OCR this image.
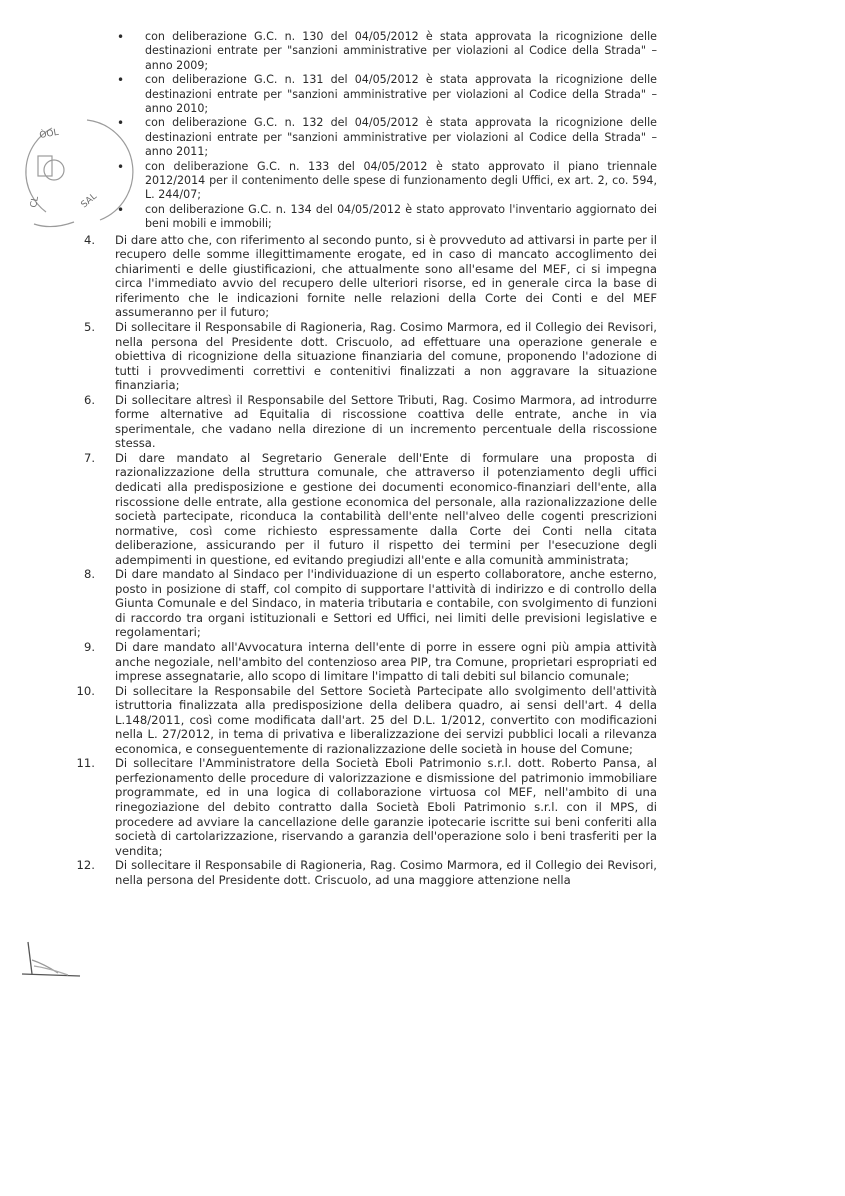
ÒOL
SAL
CL
• con deliberazione G.C. n. 130 del 04/05/2012 è stata approvata la ricognizione delle destinazioni entrate per "sanzioni amministrative per violazioni al Codice della Strada" – anno 2009;
• con deliberazione G.C. n. 131 del 04/05/2012 è stata approvata la ricognizione delle destinazioni entrate per "sanzioni amministrative per violazioni al Codice della Strada" – anno 2010;
• con deliberazione G.C. n. 132 del 04/05/2012 è stata approvata la ricognizione delle destinazioni entrate per "sanzioni amministrative per violazioni al Codice della Strada" – anno 2011;
• con deliberazione G.C. n. 133 del 04/05/2012 è stato approvato il piano triennale 2012/2014 per il contenimento delle spese di funzionamento degli Uffici, ex art. 2, co. 594, L. 244/07;
• con deliberazione G.C. n. 134 del 04/05/2012 è stato approvato l'inventario aggiornato dei beni mobili e immobili;
4. Di dare atto che, con riferimento al secondo punto, si è provveduto ad attivarsi in parte per il recupero delle somme illegittimamente erogate, ed in caso di mancato accoglimento dei chiarimenti e delle giustificazioni, che attualmente sono all'esame del MEF, ci si impegna circa l'immediato avvio del recupero delle ulteriori risorse, ed in generale circa la base di riferimento che le indicazioni fornite nelle relazioni della Corte dei Conti e del MEF assumeranno per il futuro;
5. Di sollecitare il Responsabile di Ragioneria, Rag. Cosimo Marmora, ed il Collegio dei Revisori, nella persona del Presidente dott. Criscuolo, ad effettuare una operazione generale e obiettiva di ricognizione della situazione finanziaria del comune, proponendo l'adozione di tutti i provvedimenti correttivi e contenitivi finalizzati a non aggravare la situazione finanziaria;
6. Di sollecitare altresì il Responsabile del Settore Tributi, Rag. Cosimo Marmora, ad introdurre forme alternative ad Equitalia di riscossione coattiva delle entrate, anche in via sperimentale, che vadano nella direzione di un incremento percentuale della riscossione stessa.
7. Di dare mandato al Segretario Generale dell'Ente di formulare una proposta di razionalizzazione della struttura comunale, che attraverso il potenziamento degli uffici dedicati alla predisposizione e gestione dei documenti economico-finanziari dell'ente, alla riscossione delle entrate, alla gestione economica del personale, alla razionalizzazione delle società partecipate, riconduca la contabilità dell'ente nell'alveo delle cogenti prescrizioni normative, così come richiesto espressamente dalla Corte dei Conti nella citata deliberazione, assicurando per il futuro il rispetto dei termini per l'esecuzione degli adempimenti in questione, ed evitando pregiudizi all'ente e alla comunità amministrata;
8. Di dare mandato al Sindaco per l'individuazione di un esperto collaboratore, anche esterno, posto in posizione di staff, col compito di supportare l'attività di indirizzo e di controllo della Giunta Comunale e del Sindaco, in materia tributaria e contabile, con svolgimento di funzioni di raccordo tra organi istituzionali e Settori ed Uffici, nei limiti delle previsioni legislative e regolamentari;
9. Di dare mandato all'Avvocatura interna dell'ente di porre in essere ogni più ampia attività anche negoziale, nell'ambito del contenzioso area PIP, tra Comune, proprietari espropriati ed imprese assegnatarie, allo scopo di limitare l'impatto di tali debiti sul bilancio comunale;
10. Di sollecitare la Responsabile del Settore Società Partecipate allo svolgimento dell'attività istruttoria finalizzata alla predisposizione della delibera quadro, ai sensi dell'art. 4 della L.148/2011, così come modificata dall'art. 25 del D.L. 1/2012, convertito con modificazioni nella L. 27/2012, in tema di privativa e liberalizzazione dei servizi pubblici locali a rilevanza economica, e conseguentemente di razionalizzazione delle società in house del Comune;
11. Di sollecitare l'Amministratore della Società Eboli Patrimonio s.r.l. dott. Roberto Pansa, al perfezionamento delle procedure di valorizzazione e dismissione del patrimonio immobiliare programmate, ed in una logica di collaborazione virtuosa col MEF, nell'ambito di una rinegoziazione del debito contratto dalla Società Eboli Patrimonio s.r.l. con il MPS, di procedere ad avviare la cancellazione delle garanzie ipotecarie iscritte sui beni conferiti alla società di cartolarizzazione, riservando a garanzia dell'operazione solo i beni trasferiti per la vendita;
12. Di sollecitare il Responsabile di Ragioneria, Rag. Cosimo Marmora, ed il Collegio dei Revisori, nella persona del Presidente dott. Criscuolo, ad una maggiore attenzione nella
